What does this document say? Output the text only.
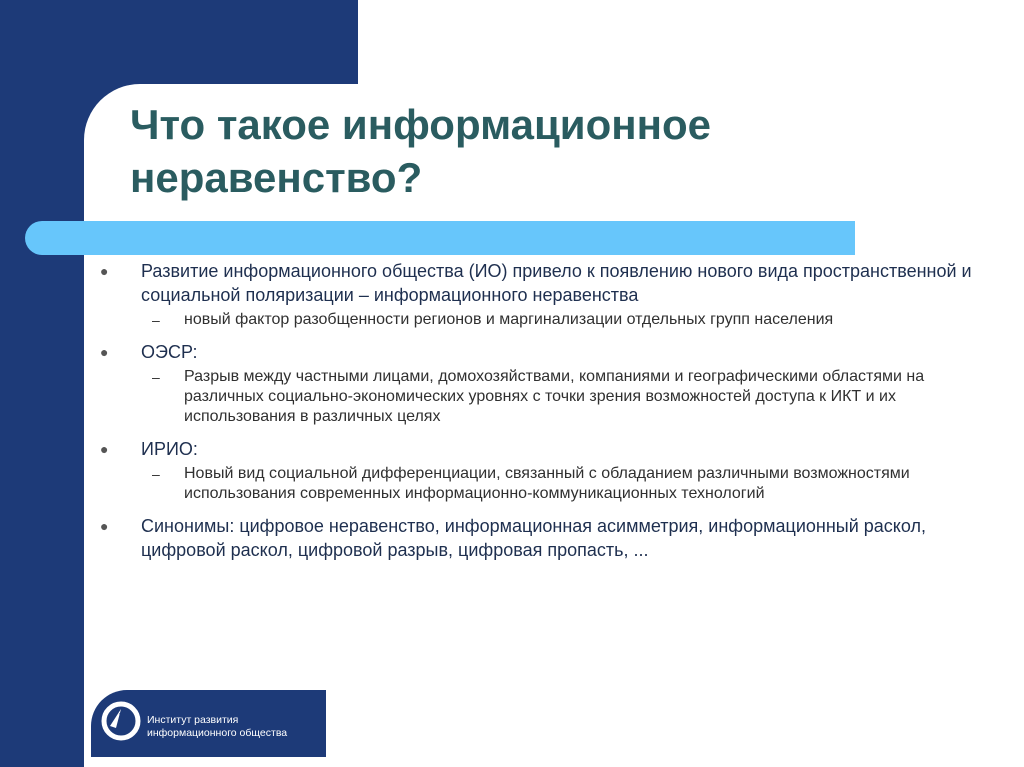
Что такое информационное неравенство?
● Развитие информационного общества (ИО) привело к появлению нового вида пространственной и социальной поляризации – информационного неравенства

– новый фактор разобщенности регионов и маргинализации отдельных групп населения

● ОЭСР:

– Разрыв между частными лицами, домохозяйствами, компаниями и географическими областями на различных социально-экономических уровнях с точки зрения возможностей доступа к ИКТ и их использования в различных целях

● ИРИО:

– Новый вид социальной дифференциации, связанный с обладанием различными возможностями использования современных информационно-коммуникационных технологий

● Синонимы: цифровое неравенство, информационная асимметрия, информационный раскол, цифровой раскол, цифровой разрыв, цифровая пропасть, ...

Институт развития
информационного общества
